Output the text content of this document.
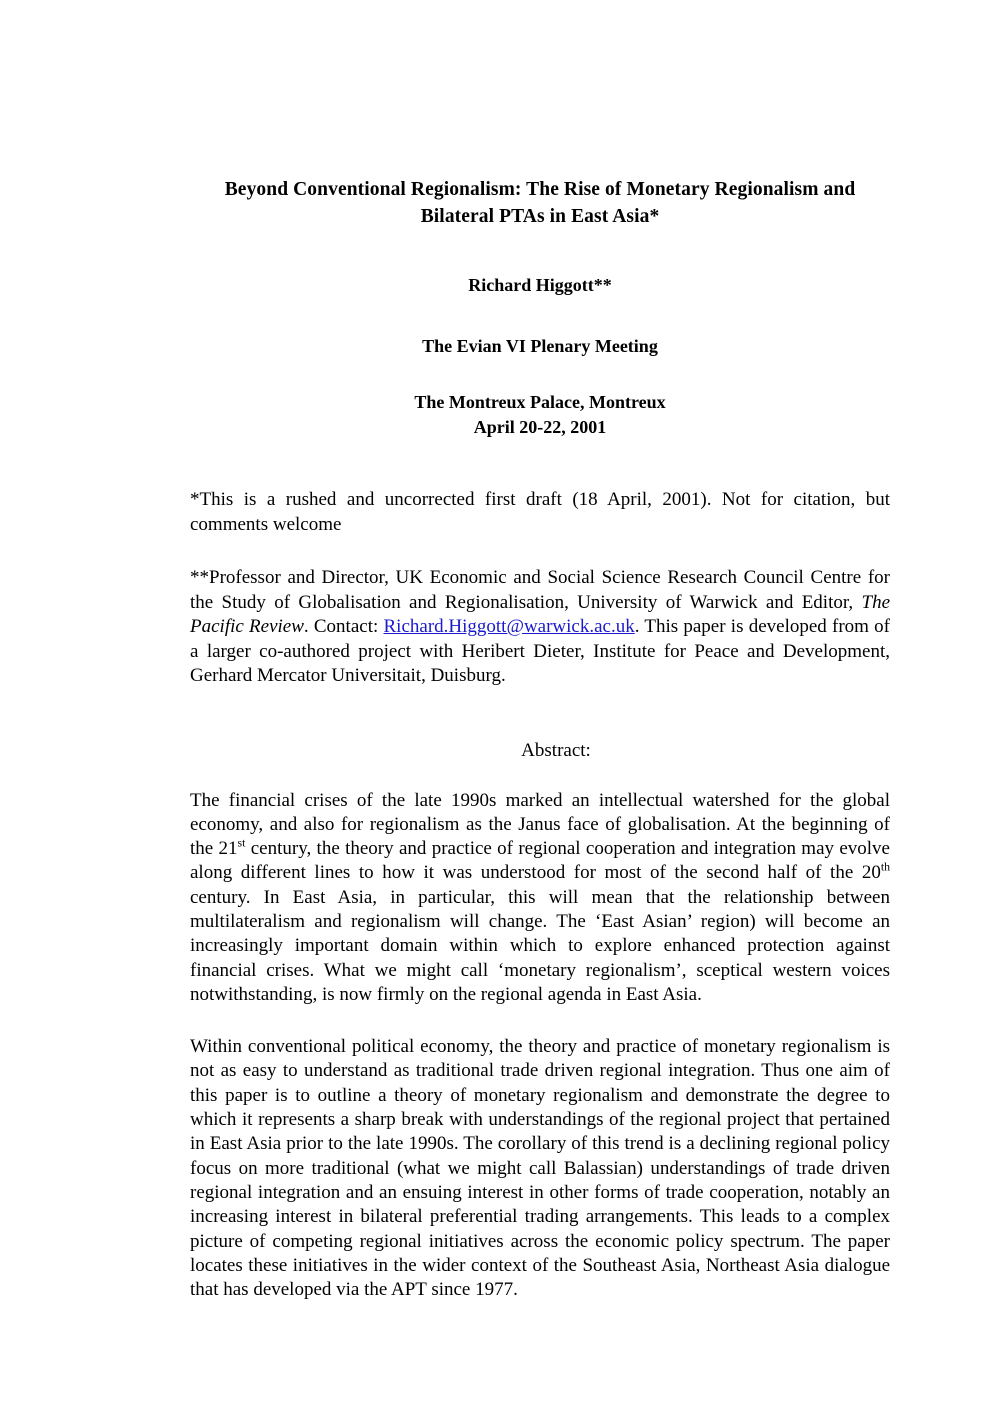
Beyond Conventional Regionalism: The Rise of Monetary Regionalism and
Bilateral PTAs in East Asia*

Richard Higgott**

The Evian VI Plenary Meeting

The Montreux Palace, Montreux
April 20-22, 2001

*This is a rushed and uncorrected first draft (18 April, 2001). Not for citation, but comments welcome

**Professor and Director, UK Economic and Social Science Research Council Centre for the Study of Globalisation and Regionalisation, University of Warwick and Editor, The Pacific Review. Contact: Richard.Higgott@warwick.ac.uk. This paper is developed from of a larger co-authored project with Heribert Dieter, Institute for Peace and Development, Gerhard Mercator Universitait, Duisburg.

Abstract:

The financial crises of the late 1990s marked an intellectual watershed for the global economy, and also for regionalism as the Janus face of globalisation. At the beginning of the 21st century, the theory and practice of regional cooperation and integration may evolve along different lines to how it was understood for most of the second half of the 20th century. In East Asia, in particular, this will mean that the relationship between multilateralism and regionalism will change. The ‘East Asian’ region) will become an increasingly important domain within which to explore enhanced protection against financial crises. What we might call ‘monetary regionalism’, sceptical western voices notwithstanding, is now firmly on the regional agenda in East Asia.

Within conventional political economy, the theory and practice of monetary regionalism is not as easy to understand as traditional trade driven regional integration. Thus one aim of this paper is to outline a theory of monetary regionalism and demonstrate the degree to which it represents a sharp break with understandings of the regional project that pertained in East Asia prior to the late 1990s. The corollary of this trend is a declining regional policy focus on more traditional (what we might call Balassian) understandings of trade driven regional integration and an ensuing interest in other forms of trade cooperation, notably an increasing interest in bilateral preferential trading arrangements. This leads to a complex picture of competing regional initiatives across the economic policy spectrum. The paper locates these initiatives in the wider context of the Southeast Asia, Northeast Asia dialogue that has developed via the APT since 1977.
